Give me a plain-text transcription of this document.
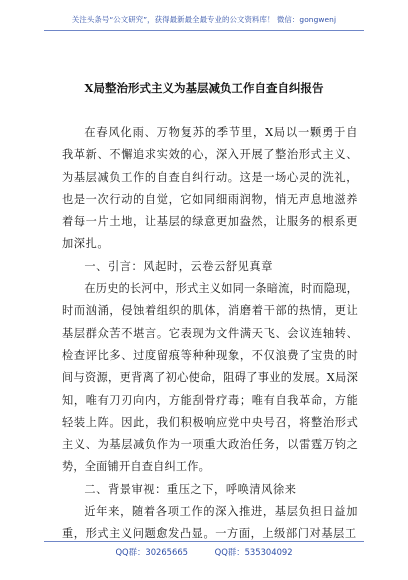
关注头条号“公文研究”，获得最新最全最专业的公文资料库！ 微信：gongwenj
X局整治形式主义为基层减负工作自查自纠报告

在春风化雨、万物复苏的季节里，X局以一颗勇于自我革新、不懈追求实效的心，深入开展了整治形式主义、为基层减负工作的自查自纠行动。这是一场心灵的洗礼，也是一次行动的自觉，它如同细雨润物，悄无声息地滋养着每一片土地，让基层的绿意更加盎然，让服务的根系更加深扎。

一、引言：风起时，云卷云舒见真章

在历史的长河中，形式主义如同一条暗流，时而隐现，时而汹涌，侵蚀着组织的肌体，消磨着干部的热情，更让基层群众苦不堪言。它表现为文件满天飞、会议连轴转、检查评比多、过度留痕等种种现象，不仅浪费了宝贵的时间与资源，更背离了初心使命，阻碍了事业的发展。X局深知，唯有刀刃向内，方能刮骨疗毒；唯有自我革命，方能轻装上阵。因此，我们积极响应党中央号召，将整治形式主义、为基层减负作为一项重大政治任务，以雷霆万钧之势，全面铺开自查自纠工作。

二、背景审视：重压之下，呼唤清风徐来

近年来，随着各项工作的深入推进，基层负担日益加重，形式主义问题愈发凸显。一方面，上级部门对基层工

QQ群：30265665	QQ群：535304092
